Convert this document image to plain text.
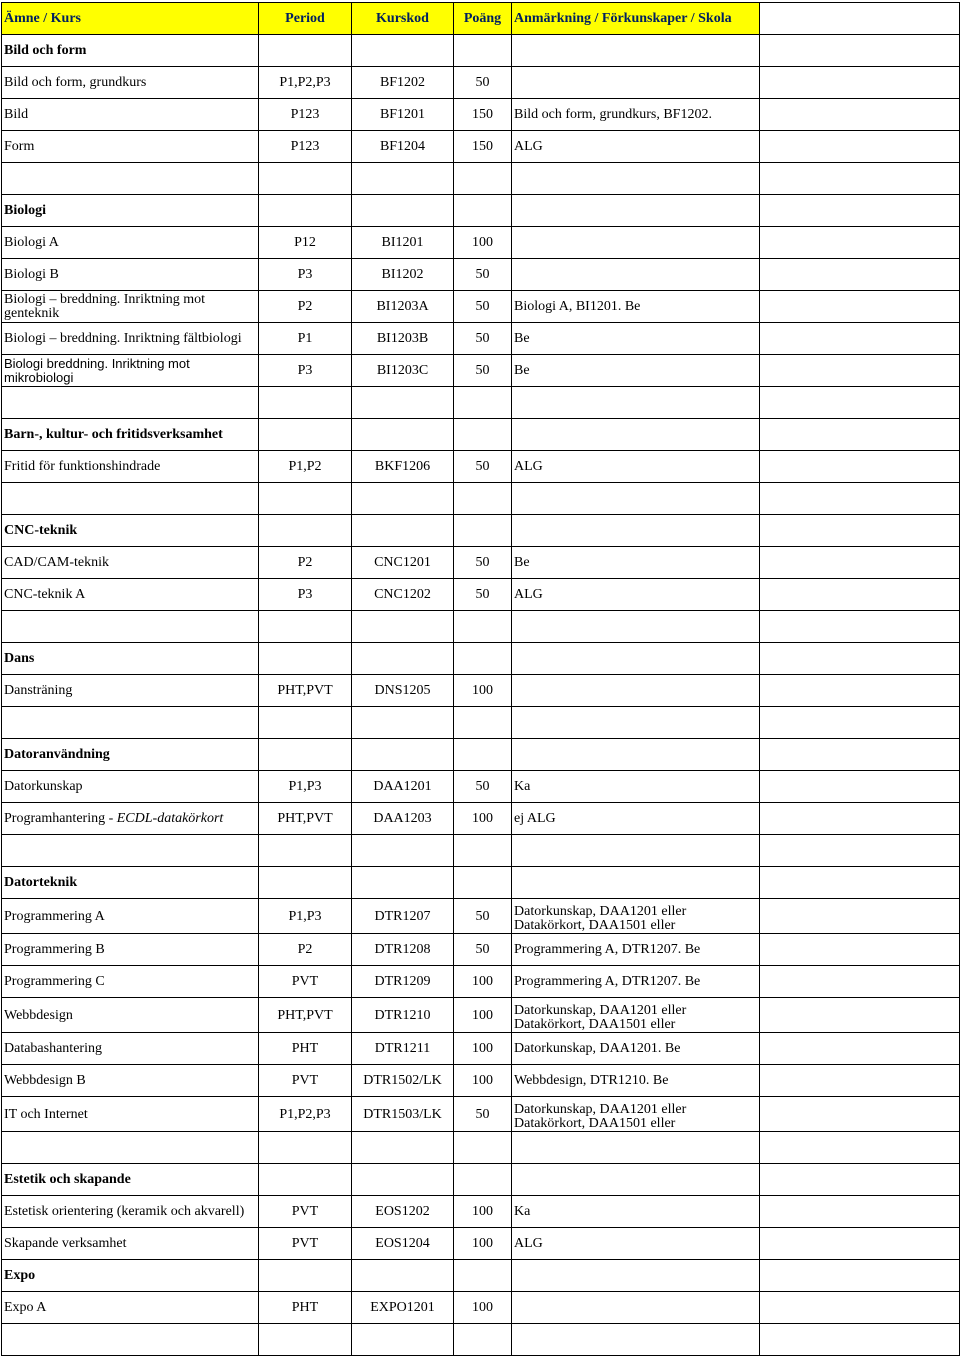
Ämne / Kurs	Period	Kurskod	Poäng	Anmärkning / Förkunskaper / Skola	
Bild och form					
Bild och form, grundkurs	P1,P2,P3	BF1202	50		
Bild	P123	BF1201	150	Bild och form, grundkurs, BF1202.	
Form	P123	BF1204	150	ALG	

Biologi					
Biologi A	P12	BI1201	100		
Biologi B	P3	BI1202	50		

Biologi – breddning. Inriktning mot genteknik	P2	BI1203A	50	Biologi A, BI1201. Be	
Biologi – breddning. Inriktning fältbiologi	P1	BI1203B	50	Be	

Biologi breddning. Inriktning mot mikrobiologi	P3	BI1203C	50	Be	

Barn-, kultur- och fritidsverksamhet					
Fritid för funktionshindrade	P1,P2	BKF1206	50	ALG	

CNC-teknik					
CAD/CAM-teknik	P2	CNC1201	50	Be	
CNC-teknik A	P3	CNC1202	50	ALG	

Dans					
Dansträning	PHT,PVT	DNS1205	100		

Datoranvändning					
Datorkunskap	P1,P3	DAA1201	50	Ka	
Programhantering - ECDL-datakörkort	PHT,PVT	DAA1203	100	ej ALG	

Datorteknik					
Programmering A	P1,P3	DTR1207	50	Datorkunskap, DAA1201 eller Datakörkort, DAA1501 eller	

Programmering B	P2	DTR1208	50	Programmering A, DTR1207. Be	
Programmering C	PVT	DTR1209	100	Programmering A, DTR1207. Be	
Webbdesign	PHT,PVT	DTR1210	100	Datorkunskap, DAA1201 eller Datakörkort, DAA1501 eller	

Databashantering	PHT	DTR1211	100	Datorkunskap, DAA1201. Be	
Webbdesign B	PVT	DTR1502/LK	100	Webbdesign, DTR1210. Be	
IT och Internet	P1,P2,P3	DTR1503/LK	50	Datorkunskap, DAA1201 eller Datakörkort, DAA1501 eller	

Estetik och skapande					

Estetisk orientering (keramik och akvarell)	PVT	EOS1202	100	Ka	
Skapande verksamhet	PVT	EOS1204	100	ALG	
Expo					
Expo A	PHT	EXPO1201	100		
